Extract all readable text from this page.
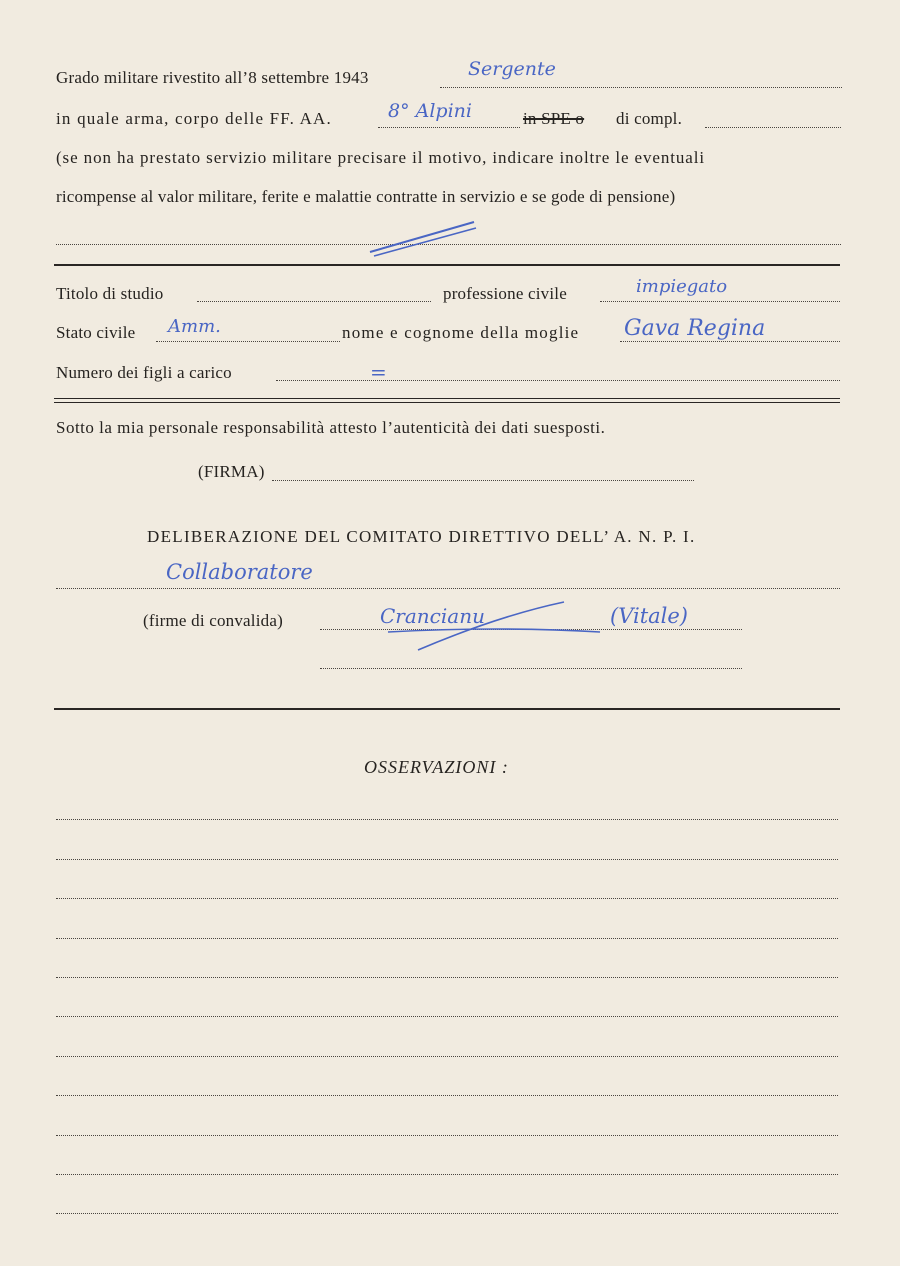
Grado militare rivestito all’8 settembre 1943	Sergente
in quale arma, corpo delle FF. AA.	8° Alpini	in SPE o di compl.
(se non ha prestato servizio militare precisare il motivo, indicare inoltre le eventuali
ricompense al valor militare, ferite e malattie contratte in servizio e se gode di pensione)
Titolo di studio	professione civile	impiegato
Stato civile Amm.	nome e cognome della moglie Gava Regina
Numero dei figli a carico	=
Sotto la mia personale responsabilità attesto l’autenticità dei dati suesposti.
(FIRMA)
DELIBERAZIONE DEL COMITATO DIRETTIVO DELL’ A. N. P. I.
Collaboratore
(firme di convalida)	Crancianu	(Vitale)
OSSERVAZIONI :
